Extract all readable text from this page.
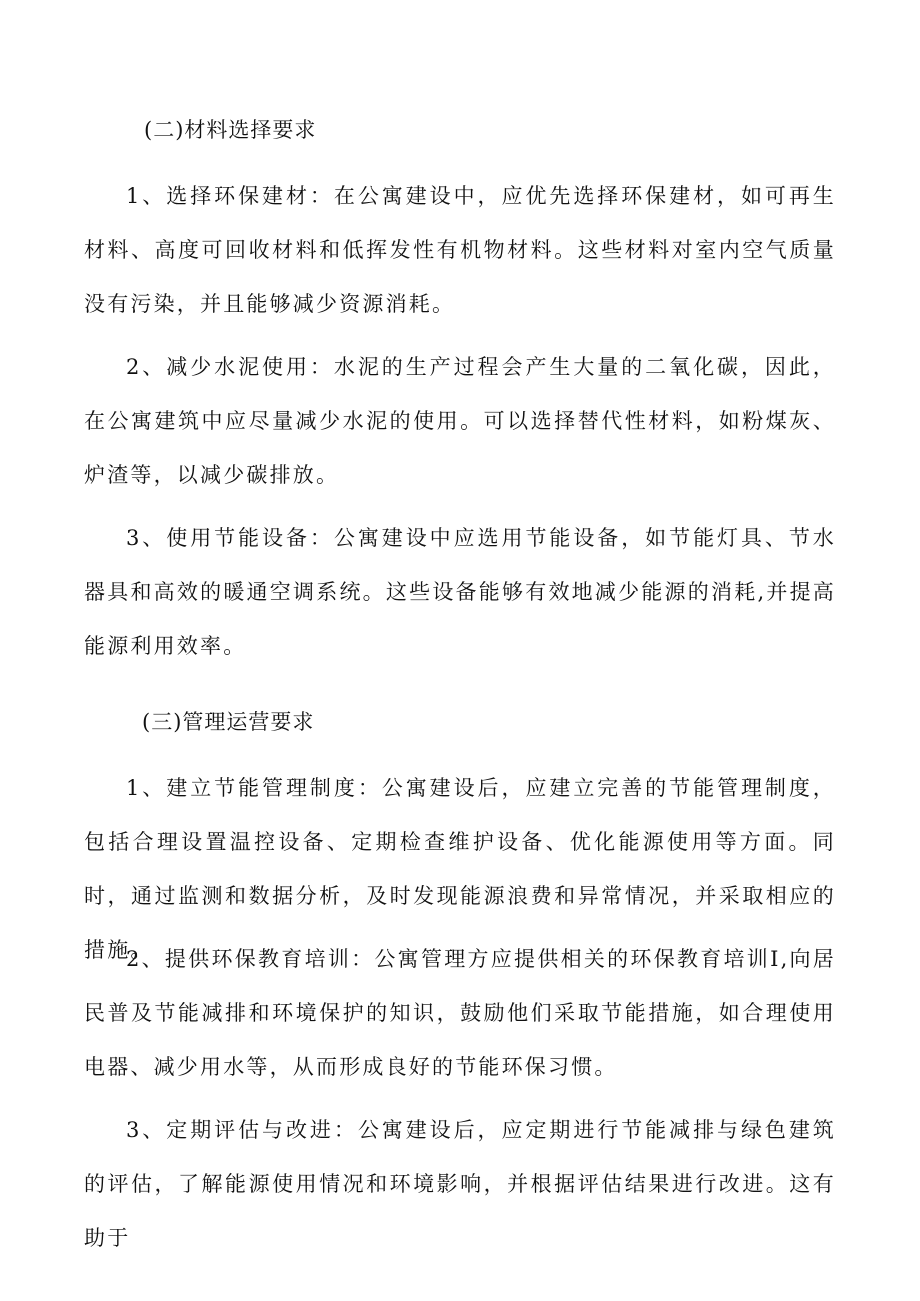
(二)材料选择要求

1、选择环保建材：在公寓建设中，应优先选择环保建材，如可再生材料、高度可回收材料和低挥发性有机物材料。这些材料对室内空气质量没有污染，并且能够减少资源消耗。

2、减少水泥使用：水泥的生产过程会产生大量的二氧化碳，因此，在公寓建筑中应尽量减少水泥的使用。可以选择替代性材料，如粉煤灰、炉渣等，以减少碳排放。

3、使用节能设备：公寓建设中应选用节能设备，如节能灯具、节水器具和高效的暖通空调系统。这些设备能够有效地减少能源的消耗,并提高能源利用效率。

(三)管理运营要求

1、建立节能管理制度：公寓建设后，应建立完善的节能管理制度，包括合理设置温控设备、定期检查维护设备、优化能源使用等方面。同时，通过监测和数据分析，及时发现能源浪费和异常情况，并采取相应的措施。

2、提供环保教育培训：公寓管理方应提供相关的环保教育培训I,向居民普及节能减排和环境保护的知识，鼓励他们采取节能措施，如合理使用电器、减少用水等，从而形成良好的节能环保习惯。

3、定期评估与改进：公寓建设后，应定期进行节能减排与绿色建筑的评估，了解能源使用情况和环境影响，并根据评估结果进行改进。这有助于
